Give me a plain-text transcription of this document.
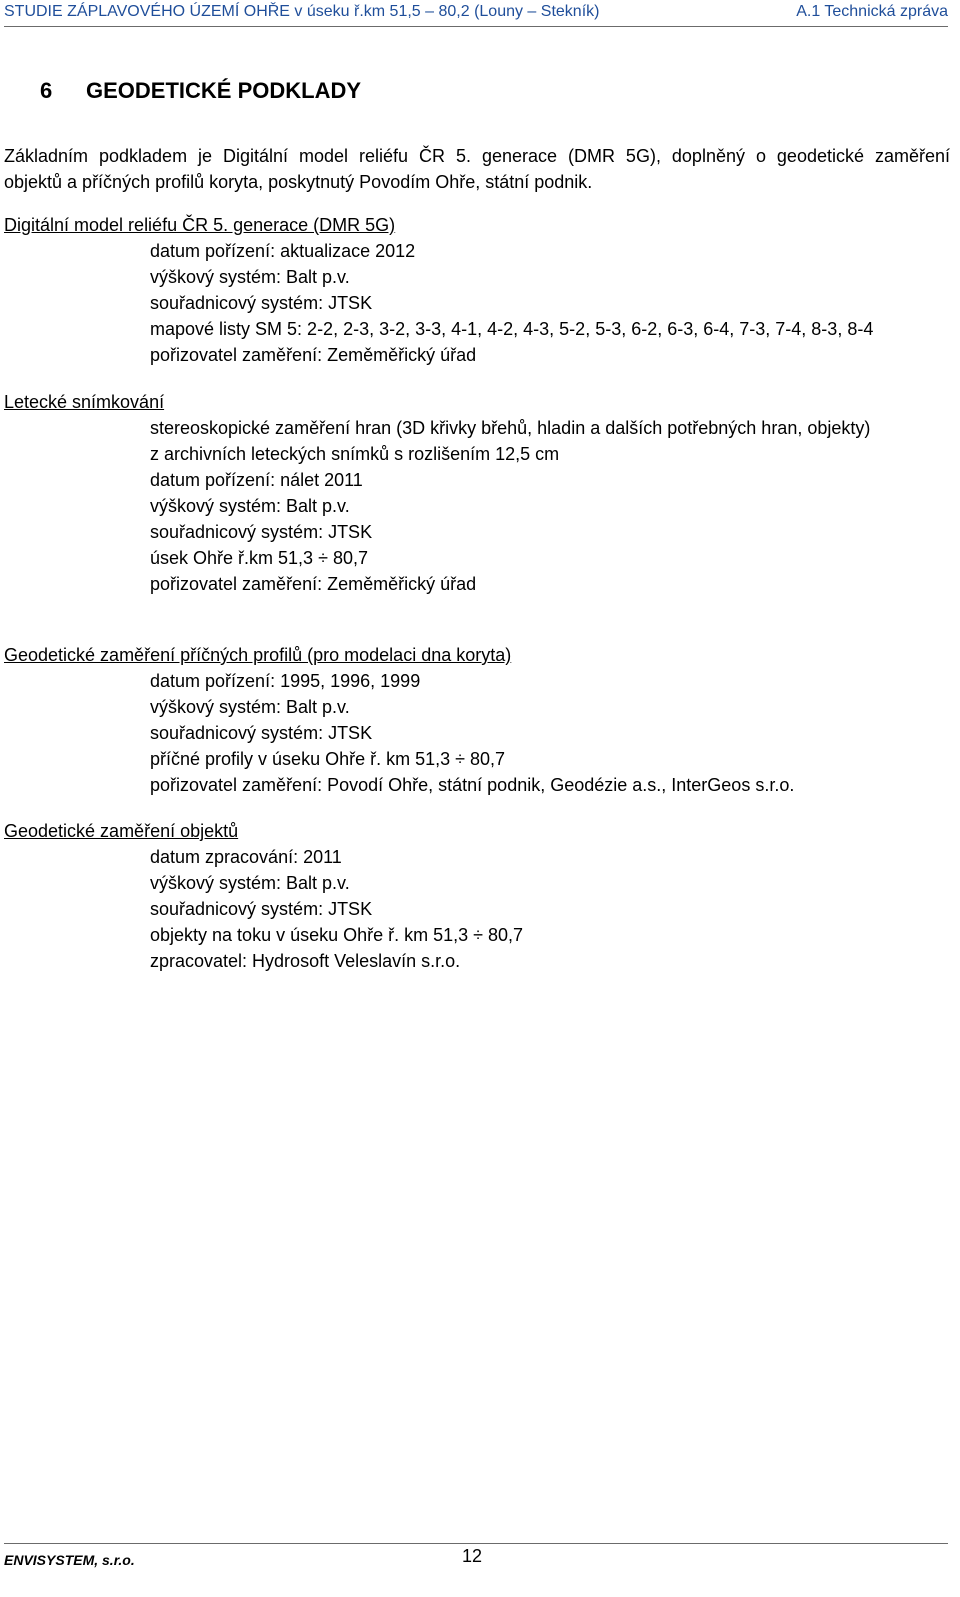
STUDIE ZÁPLAVOVÉHO ÚZEMÍ OHŘE v úseku ř.km 51,5 – 80,2 (Louny – Stekník)	A.1 Technická zpráva
6 GEODETICKÉ PODKLADY
Základním podkladem je Digitální model reliéfu ČR 5. generace (DMR 5G), doplněný o geodetické zaměření
objektů a příčných profilů koryta, poskytnutý Povodím Ohře, státní podnik.
Digitální model reliéfu ČR 5. generace (DMR 5G)
datum pořízení: aktualizace 2012
výškový systém: Balt p.v.
souřadnicový systém: JTSK
mapové listy SM 5: 2-2, 2-3, 3-2, 3-3, 4-1, 4-2, 4-3, 5-2, 5-3, 6-2, 6-3, 6-4, 7-3, 7-4, 8-3, 8-4
pořizovatel zaměření: Zeměměřický úřad
Letecké snímkování
stereoskopické zaměření hran (3D křivky břehů, hladin a dalších potřebných hran, objekty)
z archivních leteckých snímků s rozlišením 12,5 cm
datum pořízení: nálet 2011
výškový systém: Balt p.v.
souřadnicový systém: JTSK
úsek Ohře ř.km 51,3 ÷ 80,7
pořizovatel zaměření: Zeměměřický úřad
Geodetické zaměření příčných profilů (pro modelaci dna koryta)
datum pořízení: 1995, 1996, 1999
výškový systém: Balt p.v.
souřadnicový systém: JTSK
příčné profily v úseku Ohře ř. km 51,3 ÷ 80,7
pořizovatel zaměření: Povodí Ohře, státní podnik, Geodézie a.s., InterGeos s.r.o.
Geodetické zaměření objektů
datum zpracování: 2011
výškový systém: Balt p.v.
souřadnicový systém: JTSK
objekty na toku v úseku Ohře ř. km 51,3 ÷ 80,7
zpracovatel: Hydrosoft Veleslavín s.r.o.
ENVISYSTEM, s.r.o.	12
